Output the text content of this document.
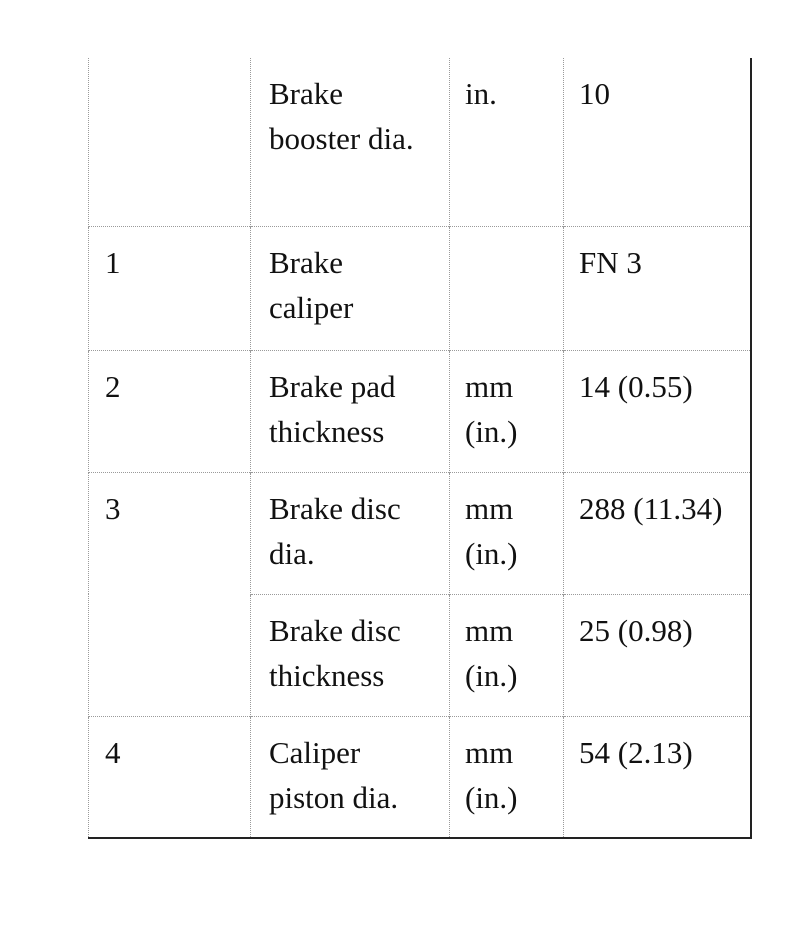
	Brake booster dia.	in.	10
1	Brake caliper		FN 3
2	Brake pad thickness	mm (in.)	14 (0.55)
3	Brake disc dia.	mm (in.)	288 (11.34)
	Brake disc thickness	mm (in.)	25 (0.98)
4	Caliper piston dia.	mm (in.)	54 (2.13)
